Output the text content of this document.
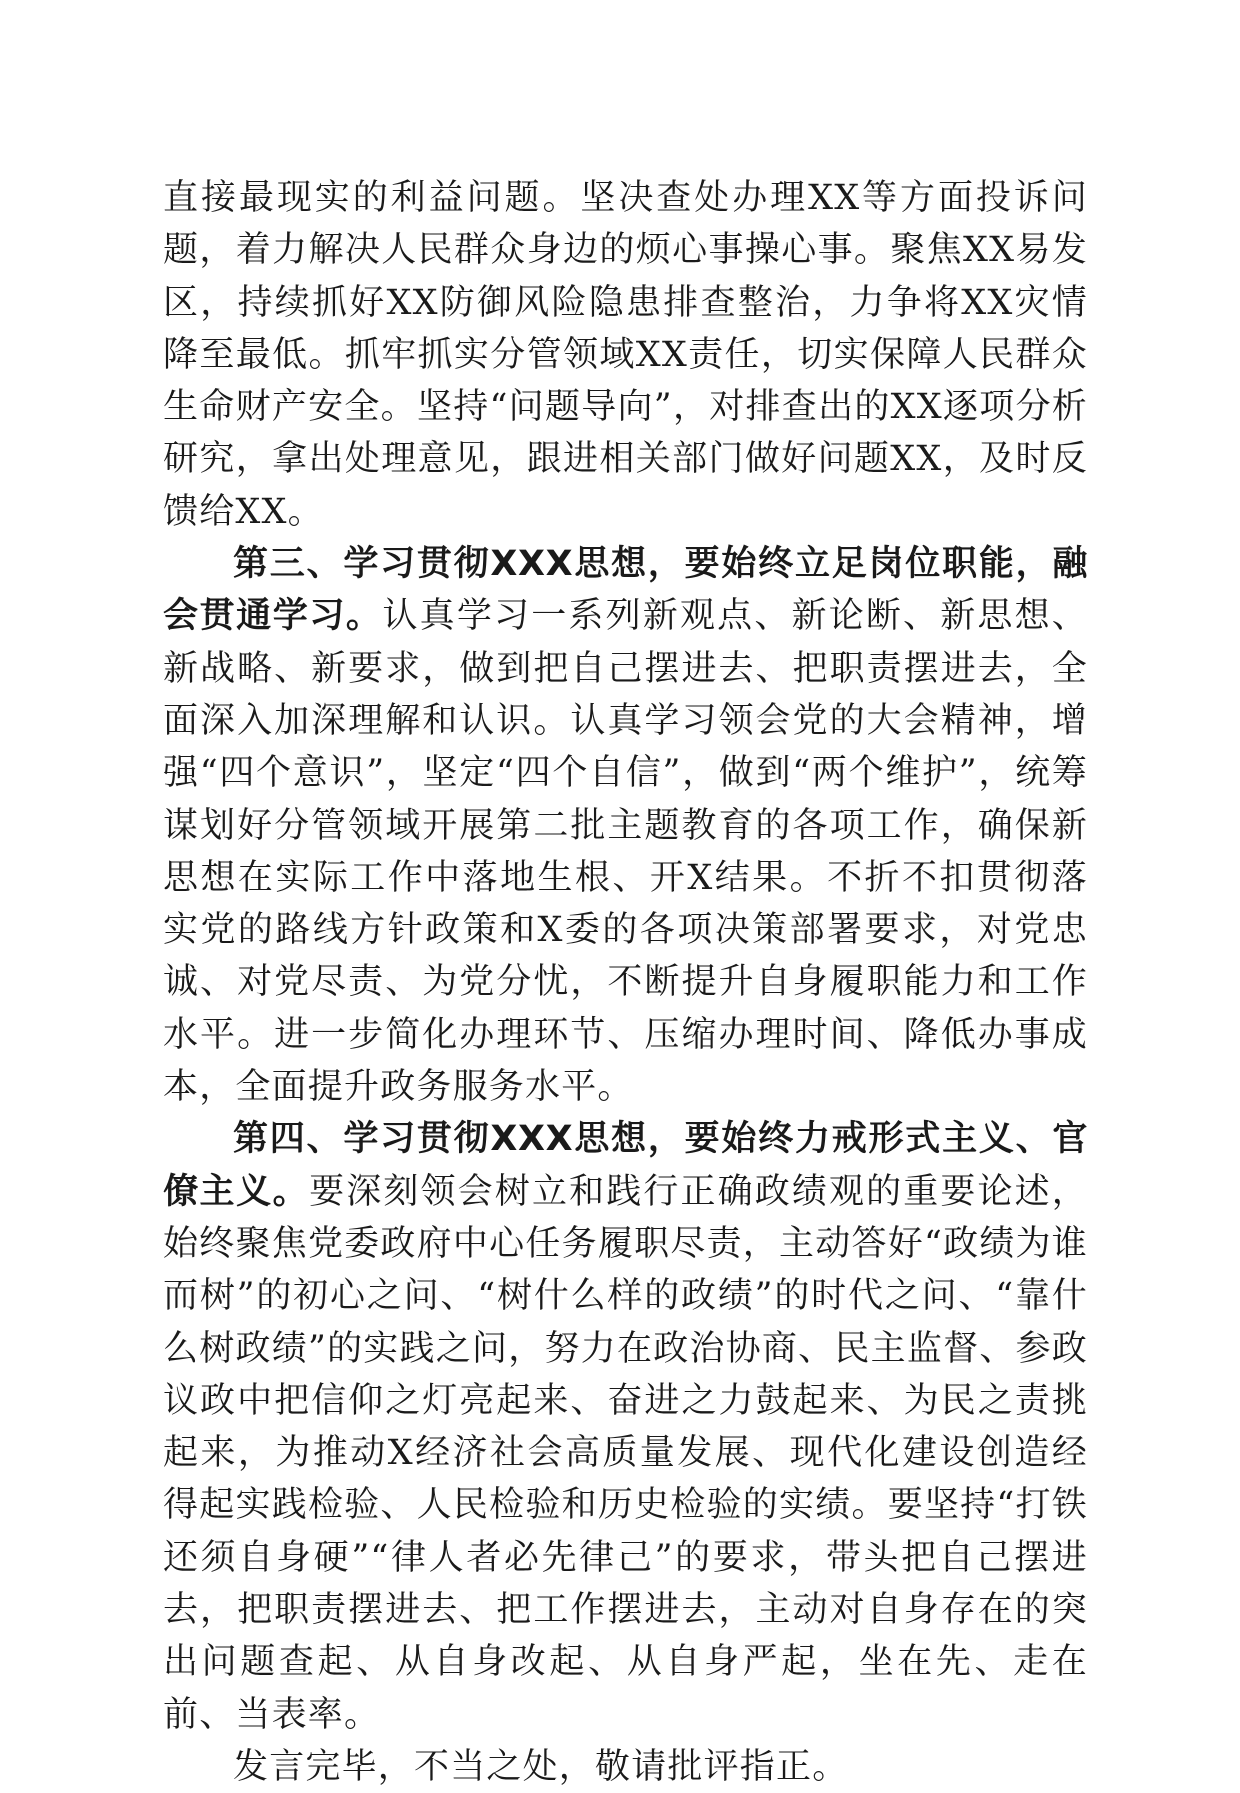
直接最现实的利益问题。坚决查处办理XX等方面投诉问题，着力解决人民群众身边的烦心事操心事。聚焦XX易发区，持续抓好XX防御风险隐患排查整治，力争将XX灾情降至最低。抓牢抓实分管领域XX责任，切实保障人民群众生命财产安全。坚持“问题导向”，对排查出的XX逐项分析研究，拿出处理意见，跟进相关部门做好问题XX，及时反馈给XX。

第三、学习贯彻XXX思想，要始终立足岗位职能，融会贯通学习。认真学习一系列新观点、新论断、新思想、新战略、新要求，做到把自己摆进去、把职责摆进去，全面深入加深理解和认识。认真学习领会党的大会精神，增强“四个意识”，坚定“四个自信”，做到“两个维护”，统筹谋划好分管领域开展第二批主题教育的各项工作，确保新思想在实际工作中落地生根、开X结果。不折不扣贯彻落实党的路线方针政策和X委的各项决策部署要求，对党忠诚、对党尽责、为党分忧，不断提升自身履职能力和工作水平。进一步简化办理环节、压缩办理时间、降低办事成本，全面提升政务服务水平。

第四、学习贯彻XXX思想，要始终力戒形式主义、官僚主义。要深刻领会树立和践行正确政绩观的重要论述，始终聚焦党委政府中心任务履职尽责，主动答好“政绩为谁而树”的初心之问、“树什么样的政绩”的时代之问、“靠什么树政绩”的实践之问，努力在政治协商、民主监督、参政议政中把信仰之灯亮起来、奋进之力鼓起来、为民之责挑起来，为推动X经济社会高质量发展、现代化建设创造经得起实践检验、人民检验和历史检验的实绩。要坚持“打铁还须自身硬”“律人者必先律己”的要求，带头把自己摆进去，把职责摆进去、把工作摆进去，主动对自身存在的突出问题查起、从自身改起、从自身严起，坐在先、走在前、当表率。

发言完毕，不当之处，敬请批评指正。
